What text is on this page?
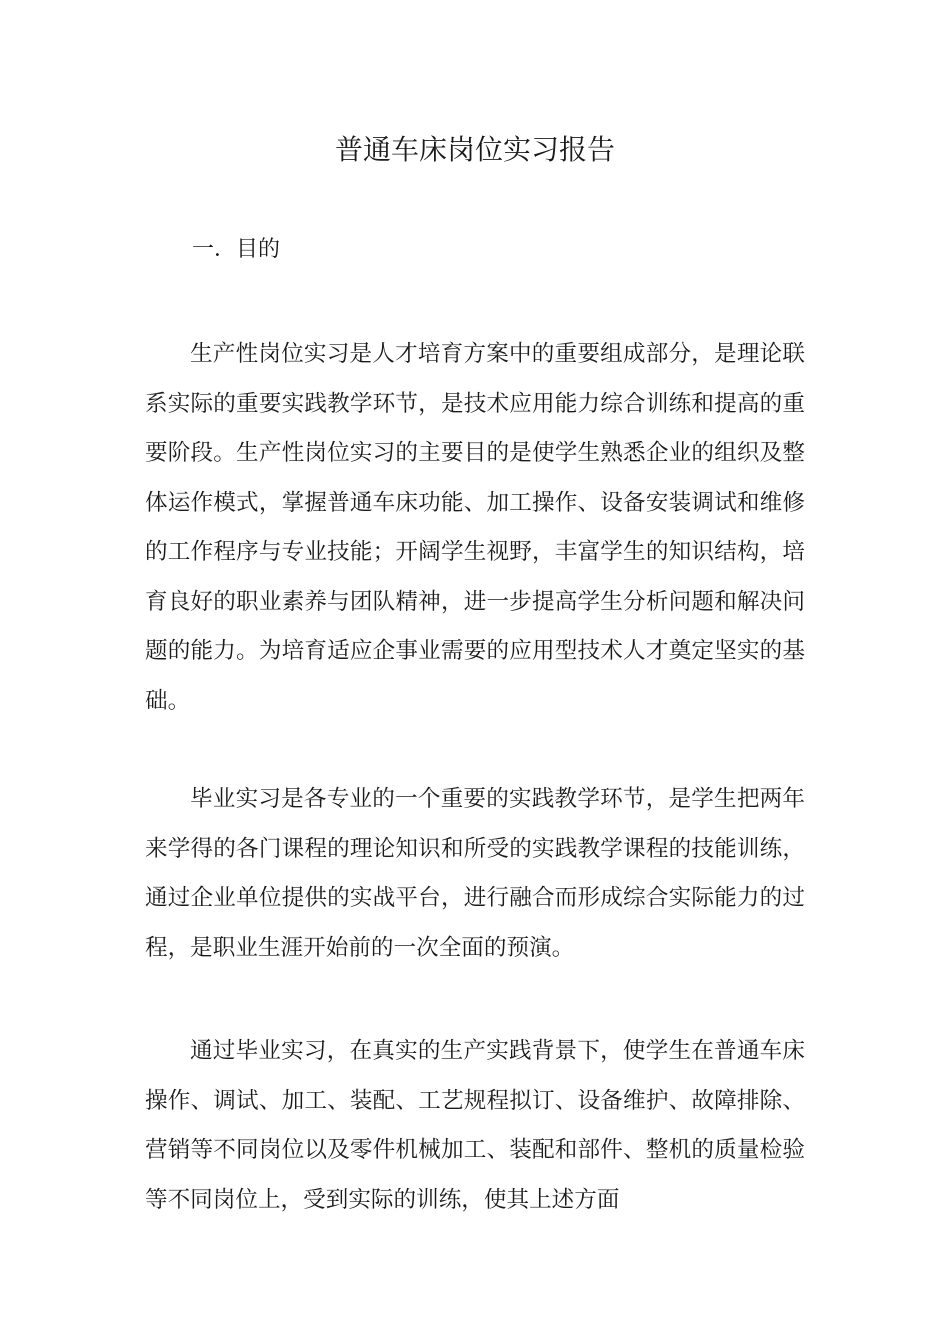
普通车床岗位实习报告
一．目的

生产性岗位实习是人才培育方案中的重要组成部分，是理论联系实际的重要实践教学环节，是技术应用能力综合训练和提高的重要阶段。生产性岗位实习的主要目的是使学生熟悉企业的组织及整体运作模式，掌握普通车床功能、加工操作、设备安装调试和维修的工作程序与专业技能；开阔学生视野，丰富学生的知识结构，培育良好的职业素养与团队精神，进一步提高学生分析问题和解决问题的能力。为培育适应企事业需要的应用型技术人才奠定坚实的基础。

毕业实习是各专业的一个重要的实践教学环节，是学生把两年来学得的各门课程的理论知识和所受的实践教学课程的技能训练，通过企业单位提供的实战平台，进行融合而形成综合实际能力的过程，是职业生涯开始前的一次全面的预演。

通过毕业实习，在真实的生产实践背景下，使学生在普通车床操作、调试、加工、装配、工艺规程拟订、设备维护、故障排除、营销等不同岗位以及零件机械加工、装配和部件、整机的质量检验等不同岗位上，受到实际的训练，使其上述方面
